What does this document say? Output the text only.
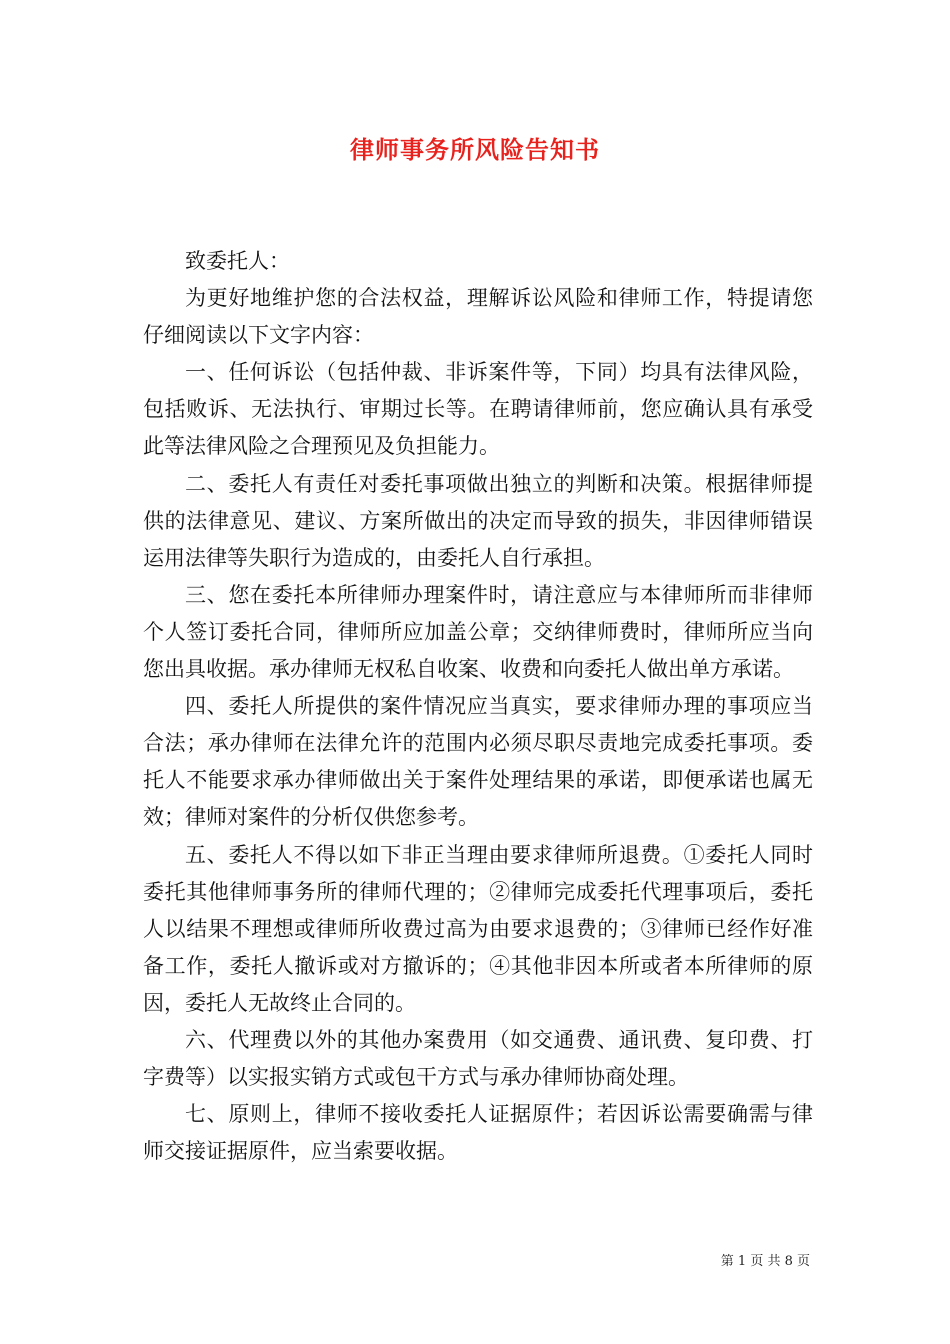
律师事务所风险告知书

致委托人：

为更好地维护您的合法权益，理解诉讼风险和律师工作，特提请您仔细阅读以下文字内容：

一、任何诉讼（包括仲裁、非诉案件等，下同）均具有法律风险，包括败诉、无法执行、审期过长等。在聘请律师前，您应确认具有承受此等法律风险之合理预见及负担能力。

二、委托人有责任对委托事项做出独立的判断和决策。根据律师提供的法律意见、建议、方案所做出的决定而导致的损失，非因律师错误运用法律等失职行为造成的，由委托人自行承担。

三、您在委托本所律师办理案件时，请注意应与本律师所而非律师个人签订委托合同，律师所应加盖公章；交纳律师费时，律师所应当向您出具收据。承办律师无权私自收案、收费和向委托人做出单方承诺。

四、委托人所提供的案件情况应当真实，要求律师办理的事项应当合法；承办律师在法律允许的范围内必须尽职尽责地完成委托事项。委托人不能要求承办律师做出关于案件处理结果的承诺，即便承诺也属无效；律师对案件的分析仅供您参考。

五、委托人不得以如下非正当理由要求律师所退费。①委托人同时委托其他律师事务所的律师代理的；②律师完成委托代理事项后，委托人以结果不理想或律师所收费过高为由要求退费的；③律师已经作好准备工作，委托人撤诉或对方撤诉的；④其他非因本所或者本所律师的原因，委托人无故终止合同的。

六、代理费以外的其他办案费用（如交通费、通讯费、复印费、打字费等）以实报实销方式或包干方式与承办律师协商处理。

七、原则上，律师不接收委托人证据原件；若因诉讼需要确需与律师交接证据原件，应当索要收据。

第 1 页 共 8 页
